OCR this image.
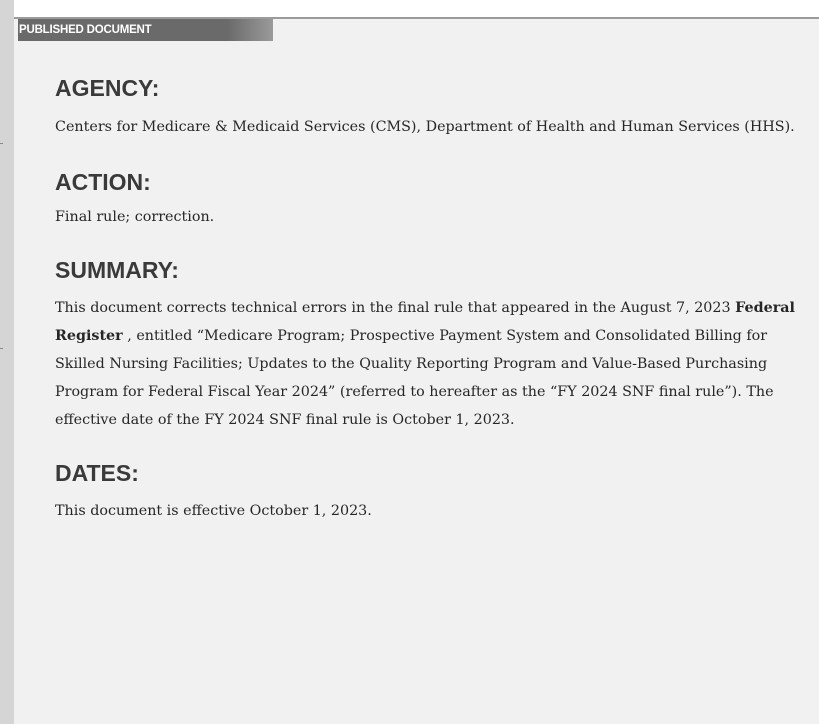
PUBLISHED DOCUMENT
AGENCY:

Centers for Medicare & Medicaid Services (CMS), Department of Health and Human Services (HHS).

ACTION:

Final rule; correction.

SUMMARY:

This document corrects technical errors in the final rule that appeared in the August 7, 2023 Federal Register , entitled “Medicare Program; Prospective Payment System and Consolidated Billing for Skilled Nursing Facilities; Updates to the Quality Reporting Program and Value-Based Purchasing Program for Federal Fiscal Year 2024” (referred to hereafter as the “FY 2024 SNF final rule”). The effective date of the FY 2024 SNF final rule is October 1, 2023.

DATES:

This document is effective October 1, 2023.
